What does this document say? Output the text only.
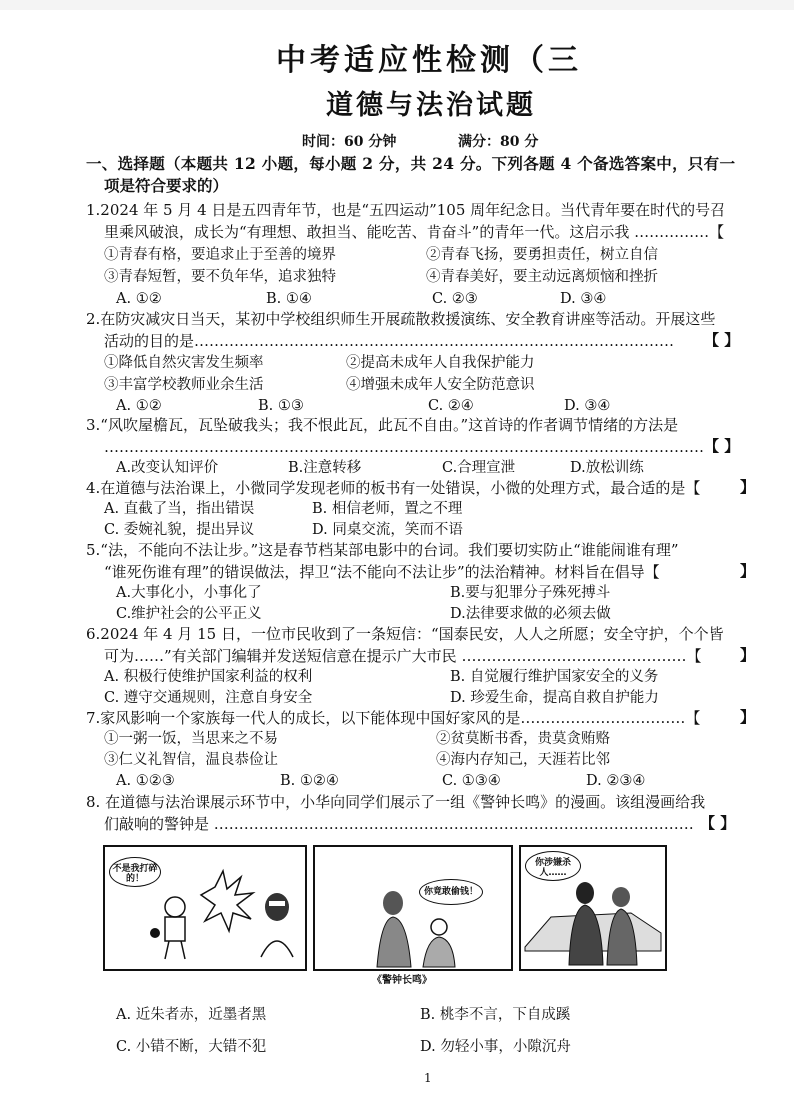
中考适应性检测（三
道德与法治试题
时间：60 分钟	满分：80 分
一、选择题（本题共 12 小题，每小题 2 分，共 24 分。下列各题 4 个备选答案中，只有一
项是符合要求的）
1.2024 年 5 月 4 日是五四青年节，也是“五四运动”105 周年纪念日。当代青年要在时代的号召
里乘风破浪，成长为“有理想、敢担当、能吃苦、肯奋斗”的青年一代。这启示我 ……………【
①青春有格，要追求止于至善的境界	②青春飞扬，要勇担责任，树立自信
③青春短暂，要不负年华，追求独特	④青春美好，要主动远离烦恼和挫折
A. ①②	B. ①④	C. ②③	D. ③④
2.在防灾减灾日当天，某初中学校组织师生开展疏散救援演练、安全教育讲座等活动。开展这些
活动的目的是…………………………………………………………………………………… 【 】
①降低自然灾害发生频率	②提高未成年人自我保护能力
③丰富学校教师业余生活	④增强未成年人安全防范意识
A. ①②	B. ①③	C. ②④	D. ③④
3.“风吹屋檐瓦，瓦坠破我头；我不恨此瓦，此瓦不自由。”这首诗的作者调节情绪的方法是
………………………………………………………………………………………………………… 【 】
A.改变认知评价	B.注意转移	C.合理宣泄	D.放松训练
4.在道德与法治课上，小微同学发现老师的板书有一处错误，小微的处理方式，最合适的是【	】
A. 直截了当，指出错误	B. 相信老师，置之不理
C. 委婉礼貌，提出异议	D. 同桌交流，笑而不语
5.“法，不能向不法让步。”这是春节档某部电影中的台词。我们要切实防止“谁能闹谁有理”
“谁死伤谁有理”的错误做法，捍卫“法不能向不法让步”的法治精神。材料旨在倡导【	】
A.大事化小，小事化了	B.要与犯罪分子殊死搏斗
C.维护社会的公平正义	D.法律要求做的必须去做
6.2024 年 4 月 15 日，一位市民收到了一条短信：“国泰民安，人人之所愿；安全守护，个个皆
可为……”有关部门编辑并发送短信意在提示广大市民 ………………………………………【	】
A. 积极行使维护国家利益的权利	B. 自觉履行维护国家安全的义务
C. 遵守交通规则，注意自身安全	D. 珍爱生命，提高自救自护能力
7.家风影响一个家族每一代人的成长，以下能体现中国好家风的是……………………………【	】
①一粥一饭，当思来之不易	②贫莫断书香，贵莫贪贿赂
③仁义礼智信，温良恭俭让	④海内存知己，天涯若比邻
A. ①②③	B. ①②④	C. ①③④	D. ②③④
8. 在道德与法治课展示环节中，小华向同学们展示了一组《警钟长鸣》的漫画。该组漫画给我
们敲响的警钟是 …………………………………………………………………………………… 【 】
不是我打碎的！
你竟敢偷钱！
你涉嫌杀人……
《警钟长鸣》
A. 近朱者赤，近墨者黑	B. 桃李不言，下自成蹊
C. 小错不断，大错不犯	D. 勿轻小事，小隙沉舟
1
